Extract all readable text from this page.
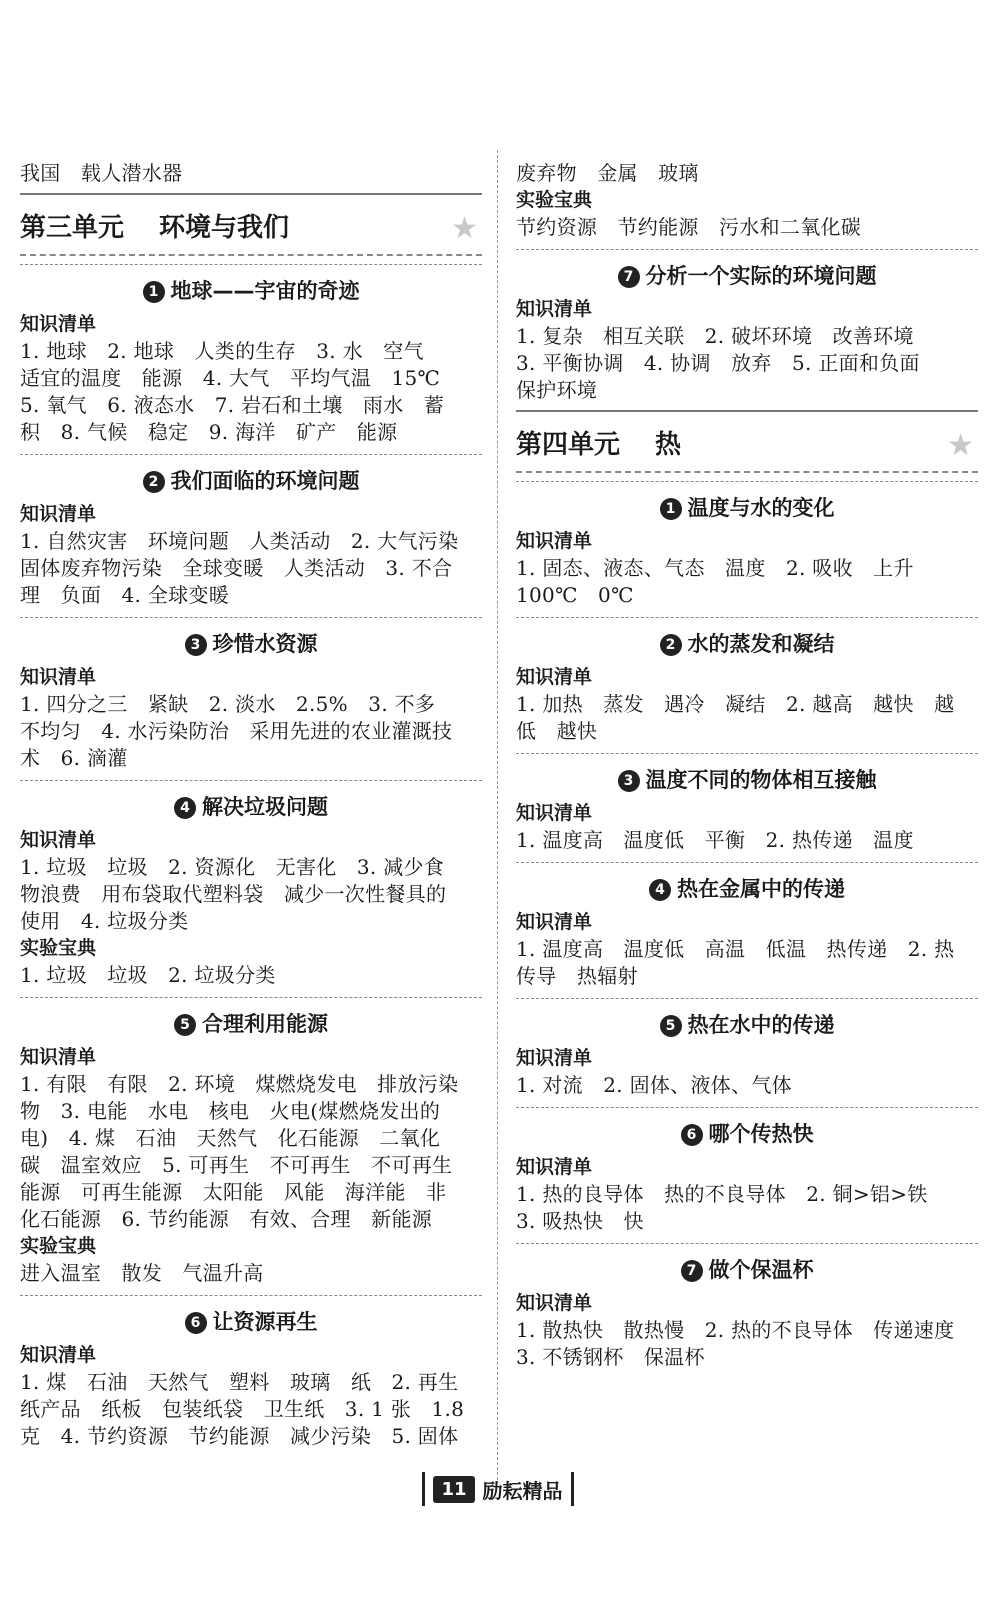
我国　载人潜水器
第三单元　 环境与我们	★
1 地球——宇宙的奇迹
知识清单
1. 地球　2. 地球　人类的生存　3. 水　空气
适宜的温度　能源　4. 大气　平均气温　15℃
5. 氧气　6. 液态水　7. 岩石和土壤　雨水　蓄
积　8. 气候　稳定　9. 海洋　矿产　能源
2 我们面临的环境问题
知识清单
1. 自然灾害　环境问题　人类活动　2. 大气污染
固体废弃物污染　全球变暖　人类活动　3. 不合
理　负面　4. 全球变暖
3 珍惜水资源
知识清单
1. 四分之三　紧缺　2. 淡水　2.5%　3. 不多
不均匀　4. 水污染防治　采用先进的农业灌溉技
术　6. 滴灌
4 解决垃圾问题
知识清单
1. 垃圾　垃圾　2. 资源化　无害化　3. 减少食
物浪费　用布袋取代塑料袋　减少一次性餐具的
使用　4. 垃圾分类
实验宝典
1. 垃圾　垃圾　2. 垃圾分类
5 合理利用能源
知识清单
1. 有限　有限　2. 环境　煤燃烧发电　排放污染
物　3. 电能　水电　核电　火电(煤燃烧发出的
电)　4. 煤　石油　天然气　化石能源　二氧化
碳　温室效应　5. 可再生　不可再生　不可再生
能源　可再生能源　太阳能　风能　海洋能　非
化石能源　6. 节约能源　有效、合理　新能源
实验宝典
进入温室　散发　气温升高
6 让资源再生
知识清单
1. 煤　石油　天然气　塑料　玻璃　纸　2. 再生
纸产品　纸板　包装纸袋　卫生纸　3. 1 张　1.8
克　4. 节约资源　节约能源　减少污染　5. 固体
废弃物　金属　玻璃
实验宝典
节约资源　节约能源　污水和二氧化碳
7 分析一个实际的环境问题
知识清单
1. 复杂　相互关联　2. 破坏环境　改善环境
3. 平衡协调　4. 协调　放弃　5. 正面和负面
保护环境
第四单元　 热	★
1 温度与水的变化
知识清单
1. 固态、液态、气态　温度　2. 吸收　上升
100℃　0℃
2 水的蒸发和凝结
知识清单
1. 加热　蒸发　遇冷　凝结　2. 越高　越快　越
低　越快
3 温度不同的物体相互接触
知识清单
1. 温度高　温度低　平衡　2. 热传递　温度
4 热在金属中的传递
知识清单
1. 温度高　温度低　高温　低温　热传递　2. 热
传导　热辐射
5 热在水中的传递
知识清单
1. 对流　2. 固体、液体、气体
6 哪个传热快
知识清单
1. 热的良导体　热的不良导体　2. 铜>铝>铁
3. 吸热快　快
7 做个保温杯
知识清单
1. 散热快　散热慢　2. 热的不良导体　传递速度
3. 不锈钢杯　保温杯
11 励耘精品
